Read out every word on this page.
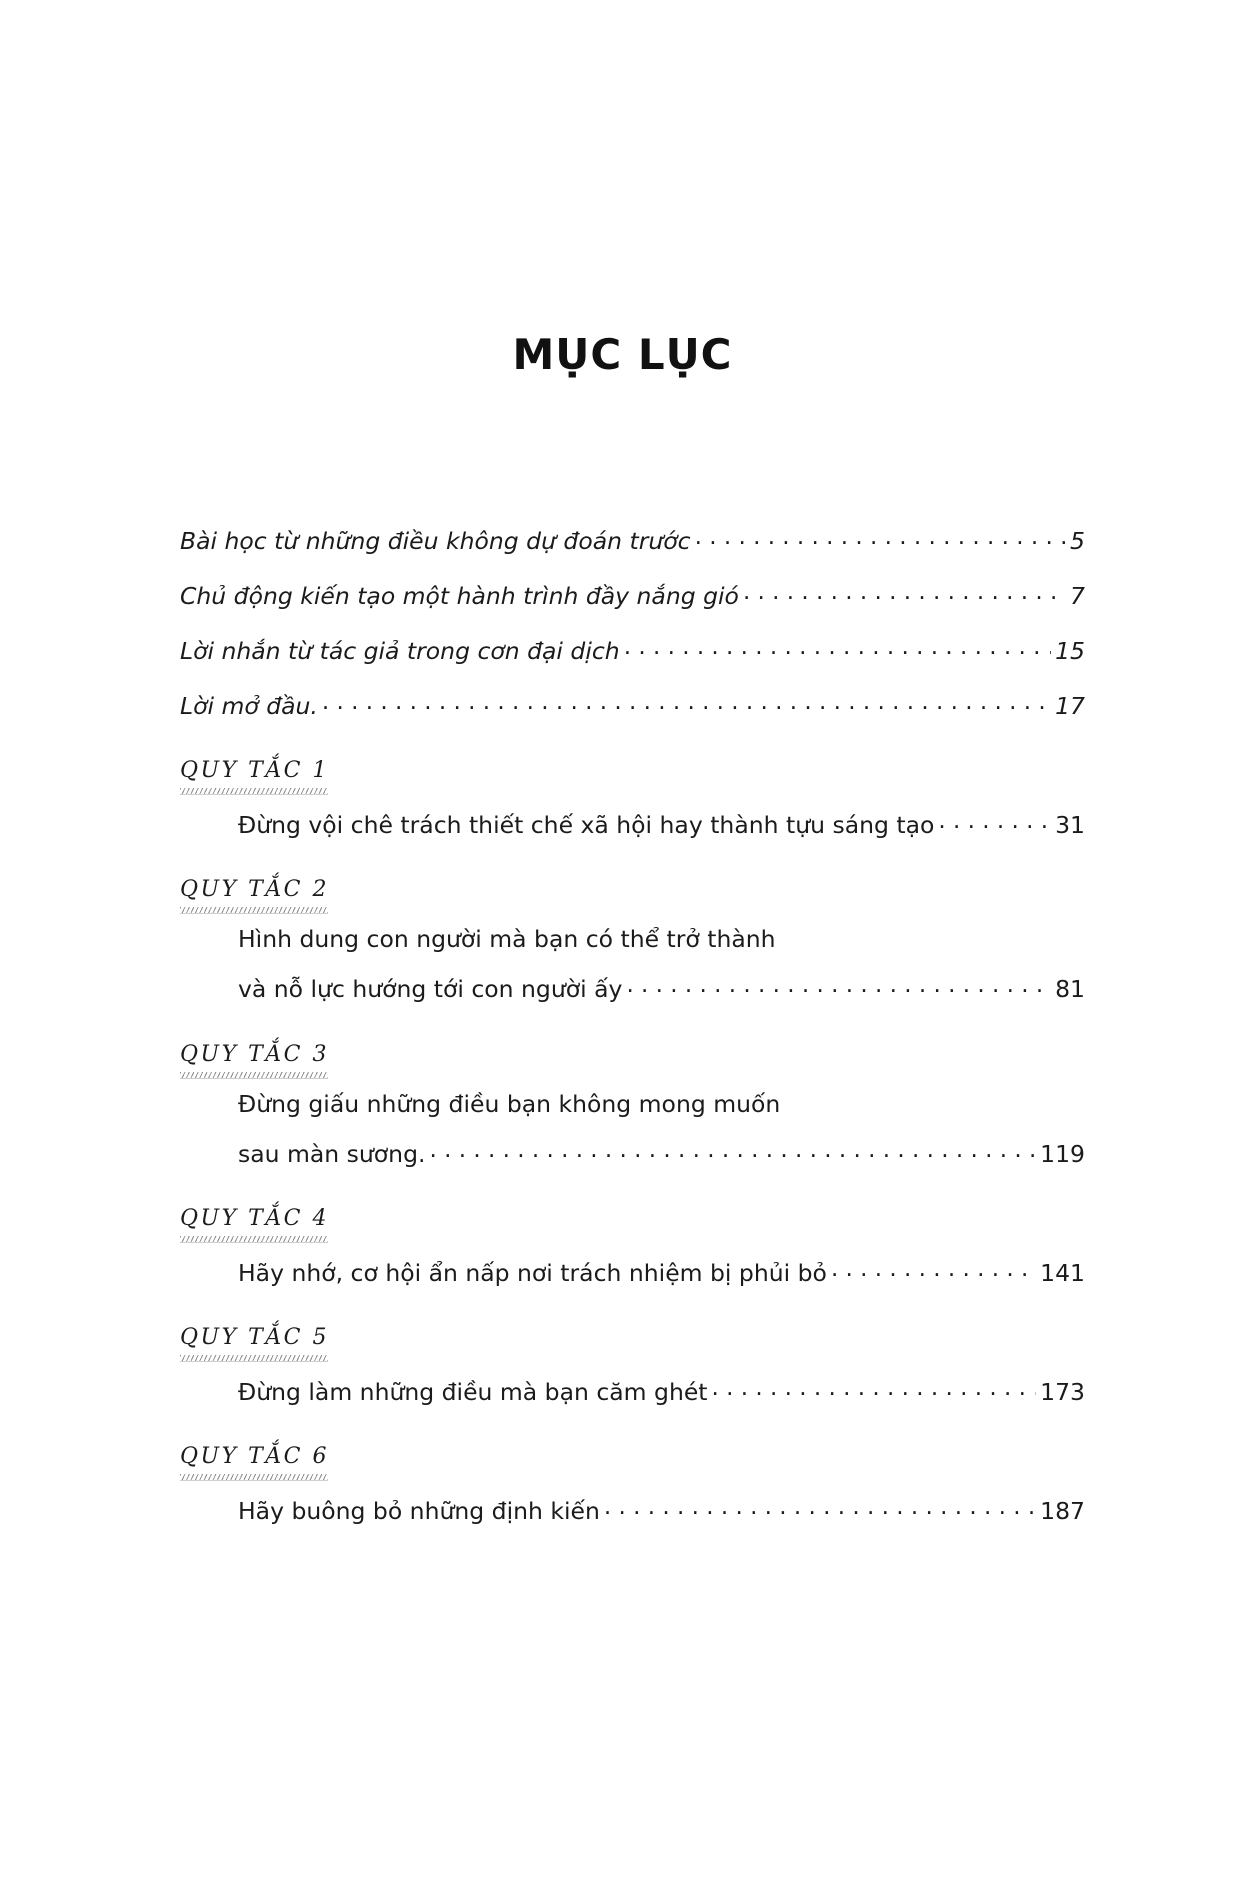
MỤC LỤC
Bài học từ những điều không dự đoán trước . . .	5
Chủ động kiến tạo một hành trình đầy nắng gió . . .	7
Lời nhắn từ tác giả trong cơn đại dịch . . .	15
Lời mở đầu. . . .	17
QUY TẮC 1
Đừng vội chê trách thiết chế xã hội hay thành tựu sáng tạo . . .	31
QUY TẮC 2
Hình dung con người mà bạn có thể trở thành
và nỗ lực hướng tới con người ấy . . .	81
QUY TẮC 3
Đừng giấu những điều bạn không mong muốn
sau màn sương. . . .	119
QUY TẮC 4
Hãy nhớ, cơ hội ẩn nấp nơi trách nhiệm bị phủi bỏ . . .	141
QUY TẮC 5
Đừng làm những điều mà bạn căm ghét . . .	173
QUY TẮC 6
Hãy buông bỏ những định kiến . . .	187
